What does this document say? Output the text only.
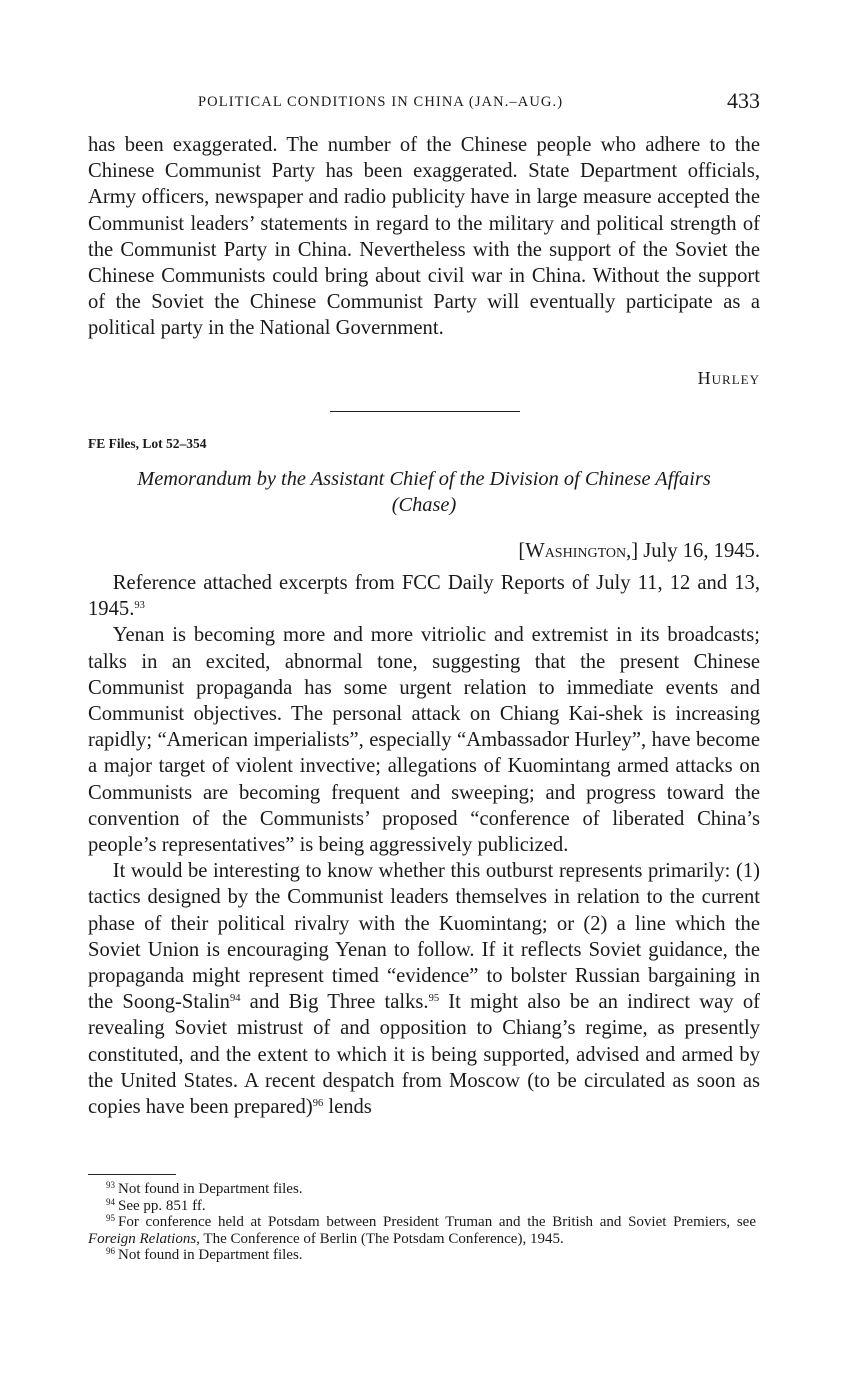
POLITICAL CONDITIONS IN CHINA (JAN.–AUG.)	433

has been exaggerated. The number of the Chinese people who adhere to the Chinese Communist Party has been exaggerated. State Department officials, Army officers, newspaper and radio publicity have in large measure accepted the Communist leaders’ statements in regard to the military and political strength of the Communist Party in China. Nevertheless with the support of the Soviet the Chinese Communists could bring about civil war in China. Without the support of the Soviet the Chinese Communist Party will eventually participate as a political party in the National Government.

Hurley
FE Files, Lot 52–354
Memorandum by the Assistant Chief of the Division of Chinese Affairs (Chase)
[Washington,] July 16, 1945.

Reference attached excerpts from FCC Daily Reports of July 11, 12 and 13, 1945.93

Yenan is becoming more and more vitriolic and extremist in its broadcasts; talks in an excited, abnormal tone, suggesting that the present Chinese Communist propaganda has some urgent relation to immediate events and Communist objectives. The personal attack on Chiang Kai-shek is increasing rapidly; “American imperialists”, especially “Ambassador Hurley”, have become a major target of violent invective; allegations of Kuomintang armed attacks on Communists are becoming frequent and sweeping; and progress toward the convention of the Communists’ proposed “conference of liberated China’s people’s representatives” is being aggressively publicized.

It would be interesting to know whether this outburst represents primarily: (1) tactics designed by the Communist leaders themselves in relation to the current phase of their political rivalry with the Kuomintang; or (2) a line which the Soviet Union is encouraging Yenan to follow. If it reflects Soviet guidance, the propaganda might represent timed “evidence” to bolster Russian bargaining in the Soong-Stalin$^{94}$ and Big Three talks.$^{95}$ It might also be an indirect way of revealing Soviet mistrust of and opposition to Chiang’s regime, as presently constituted, and the extent to which it is being supported, advised and armed by the United States. A recent despatch from Moscow (to be circulated as soon as copies have been prepared)$^{96}$ lends

$^{93}$  Not found in Department files.

$^{94}$  See pp. 851 ff.

$^{95}$  For conference held at Potsdam between President Truman and the British and Soviet Premiers, see Foreign Relations, The Conference of Berlin (The Potsdam Conference), 1945.

$^{96}$  Not found in Department files.
